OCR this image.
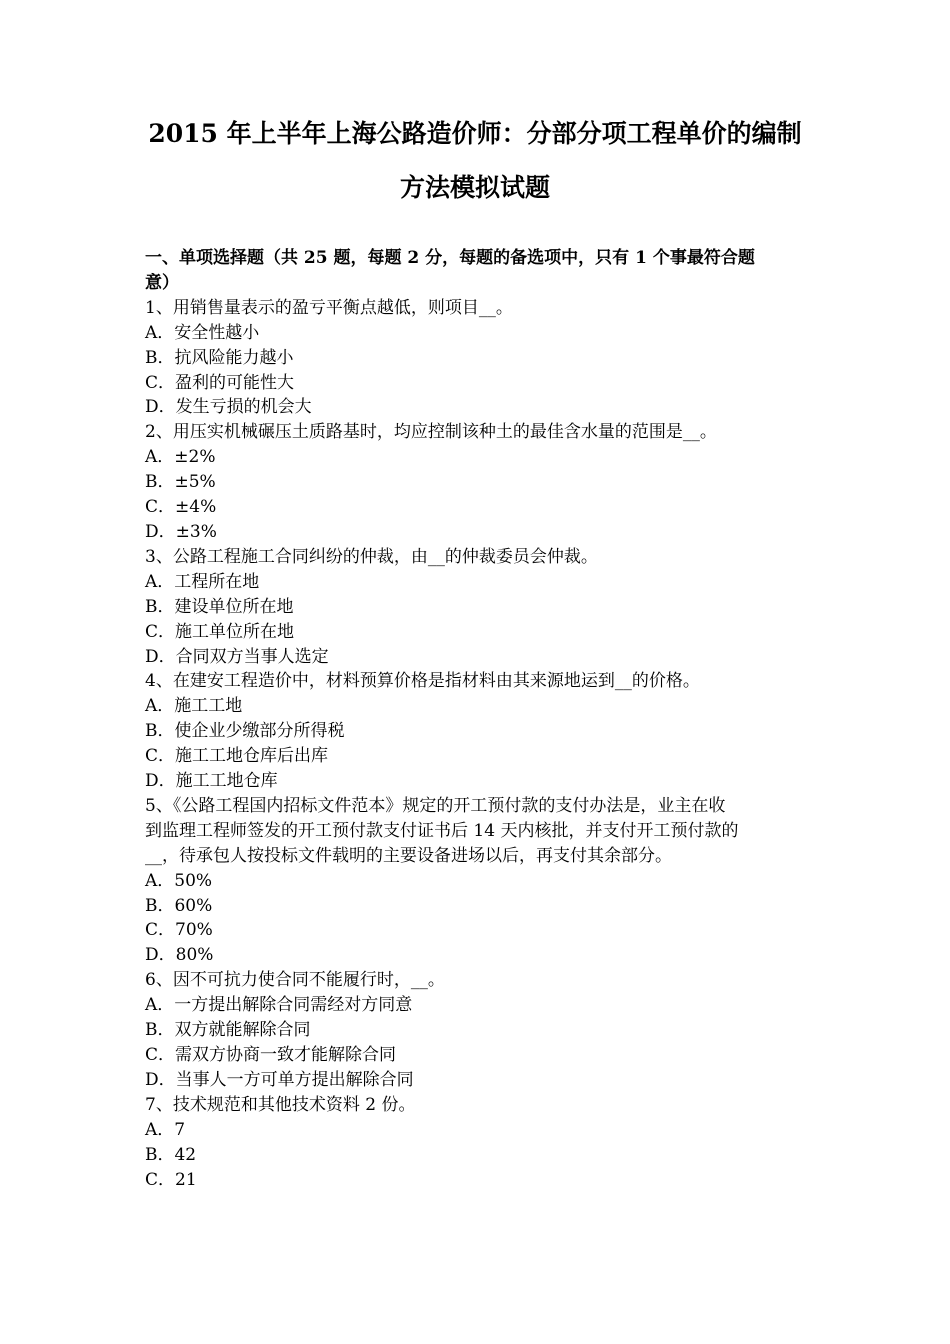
2015 年上半年上海公路造价师：分部分项工程单价的编制
方法模拟试题
一、单项选择题（共 25 题，每题 2 分，每题的备选项中，只有 1 个事最符合题
意）
1、用销售量表示的盈亏平衡点越低，则项目__。
A．安全性越小
B．抗风险能力越小
C．盈利的可能性大
D．发生亏损的机会大
2、用压实机械碾压土质路基时，均应控制该种土的最佳含水量的范围是__。
A．±2%
B．±5%
C．±4%
D．±3%
3、公路工程施工合同纠纷的仲裁，由__的仲裁委员会仲裁。
A．工程所在地
B．建设单位所在地
C．施工单位所在地
D．合同双方当事人选定
4、在建安工程造价中，材料预算价格是指材料由其来源地运到__的价格。
A．施工工地
B．使企业少缴部分所得税
C．施工工地仓库后出库
D．施工工地仓库
5、《公路工程国内招标文件范本》规定的开工预付款的支付办法是，业主在收
到监理工程师签发的开工预付款支付证书后 14 天内核批，并支付开工预付款的
__，待承包人按投标文件载明的主要设备进场以后，再支付其余部分。
A．50%
B．60%
C．70%
D．80%
6、因不可抗力使合同不能履行时，__。
A．一方提出解除合同需经对方同意
B．双方就能解除合同
C．需双方协商一致才能解除合同
D．当事人一方可单方提出解除合同
7、技术规范和其他技术资料 2 份。
A．7
B．42
C．21
